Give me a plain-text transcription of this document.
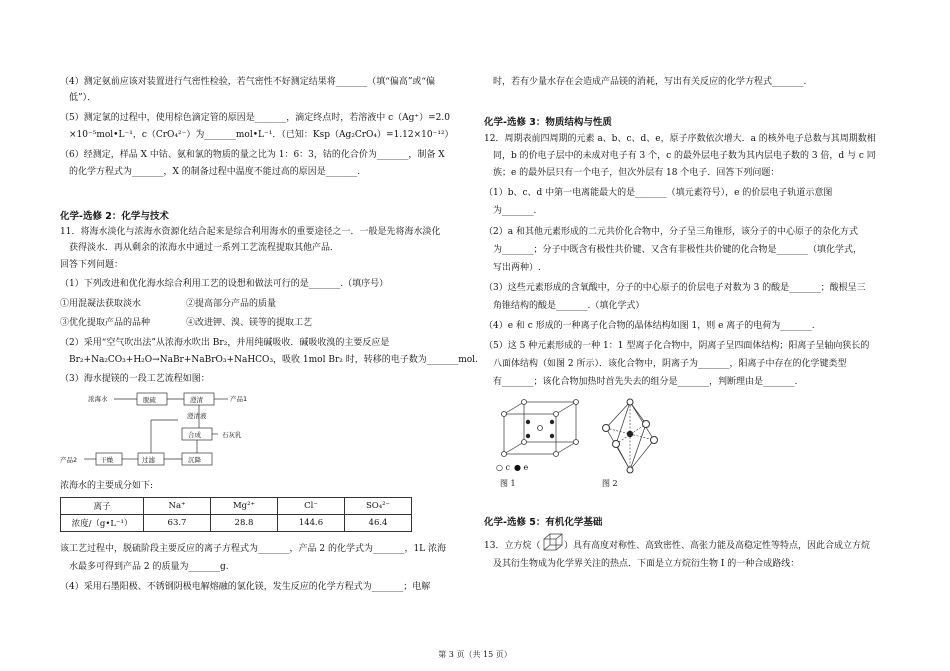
（4）测定氨前应该对装置进行气密性检验，若气密性不好测定结果将_______（填“偏高”或“偏
低”）．
（5）测定氯的过程中，使用棕色滴定管的原因是_______，滴定终点时，若溶液中 c（Ag⁺）=2.0
×10⁻⁵mol•L⁻¹，c（CrO₄²⁻）为_______mol•L⁻¹．（已知：Ksp（Ag₂CrO₄）=1.12×10⁻¹²）
（6）经测定，样品 X 中钴、氨和氯的物质的量之比为 1：6：3，钴的化合价为_______，制备 X
的化学方程式为_______，X 的制备过程中温度不能过高的原因是_______.
化学-选修 2：化学与技术
11．将海水淡化与浓海水资源化结合起来是综合利用海水的重要途径之一．一般是先将海水淡化
获得淡水．再从剩余的浓海水中通过一系列工艺流程提取其他产品．
回答下列问题：
（1）下列改进和优化海水综合利用工艺的设想和做法可行的是_______.（填序号）
①用混凝法获取淡水	②提高部分产品的质量
③优化提取产品的品种	④改进钾、溴、镁等的提取工艺
（2）采用“空气吹出法”从浓海水吹出 Br₂，并用纯碱吸收．碱吸收溴的主要反应是
Br₂+Na₂CO₃+H₂O→NaBr+NaBrO₃+NaHCO₃，吸收 1mol Br₂ 时，转移的电子数为_______mol.
（3）海水提镁的一段工艺流程如图：
浓海水	脱硫	澄清	产品1
澄清液
合成	石灰乳
沉降
过滤
干燥
产品2
浓海水的主要成分如下:
离子	Na⁺	Mg²⁺	Cl⁻	SO₄²⁻
浓度/（g•L⁻¹）	63.7	28.8	144.6	46.4
该工艺过程中，脱硫阶段主要反应的离子方程式为_______，产品 2 的化学式为_______，1L 浓海
水最多可得到产品 2 的质量为_______g.
（4）采用石墨阳极、不锈钢阴极电解熔融的氯化镁，发生反应的化学方程式为_______；电解
时，若有少量水存在会造成产品镁的消耗，写出有关反应的化学方程式_______.
化学-选修 3：物质结构与性质
12．周期表前四周期的元素 a、b、c、d、e，原子序数依次增大．a 的核外电子总数与其周期数相
同，b 的价电子层中的未成对电子有 3 个，c 的最外层电子数为其内层电子数的 3 倍，d 与 c 同
族；e 的最外层只有一个电子，但次外层有 18 个电子．回答下列问题：
（1）b、c、d 中第一电离能最大的是_______（填元素符号），e 的价层电子轨道示意图
为_______.
（2）a 和其他元素形成的二元共价化合物中，分子呈三角锥形，该分子的中心原子的杂化方式
为_______；分子中既含有极性共价键、又含有非极性共价键的化合物是_______（填化学式，
写出两种）.
（3）这些元素形成的含氧酸中，分子的中心原子的价层电子对数为 3 的酸是_______；酸根呈三
角锥结构的酸是_______.（填化学式）
（4）e 和 c 形成的一种离子化合物的晶体结构如图 1，则 e 离子的电荷为_______.
（5）这 5 种元素形成的一种 1：1 型离子化合物中，阴离子呈四面体结构；阳离子呈轴向狭长的
八面体结构（如图 2 所示）．该化合物中，阴离子为_______，阳离子中存在的化学键类型
有_______；该化合物加热时首先失去的组分是_______，判断理由是_______.
○ c ● e
图 1	图 2
化学-选修 5：有机化学基础
13．立方烷（	）具有高度对称性、高致密性、高张力能及高稳定性等特点，因此合成立方烷
及其衍生物成为化学界关注的热点．下面是立方烷衍生物 I 的一种合成路线：
第 3 页（共 15 页）
